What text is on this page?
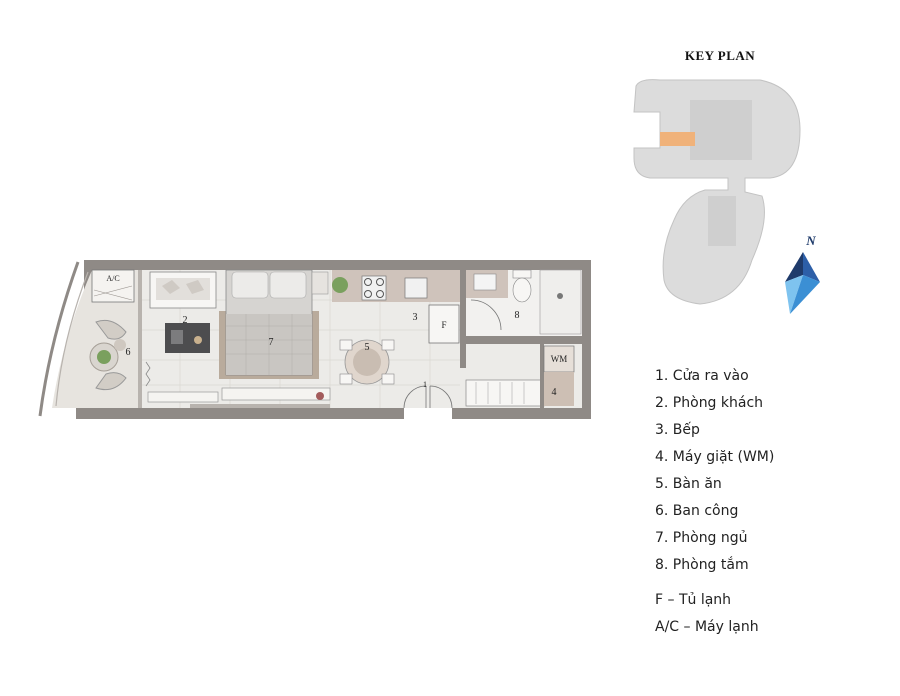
A/C
F
WM
1
2	3
4
5
6
7
8
KEY PLAN
N
1. Cửa ra vào
2. Phòng khách
3. Bếp
4. Máy giặt (WM)
5. Bàn ăn
6. Ban công
7. Phòng ngủ
8. Phòng tắm
F – Tủ lạnh
A/C – Máy lạnh
